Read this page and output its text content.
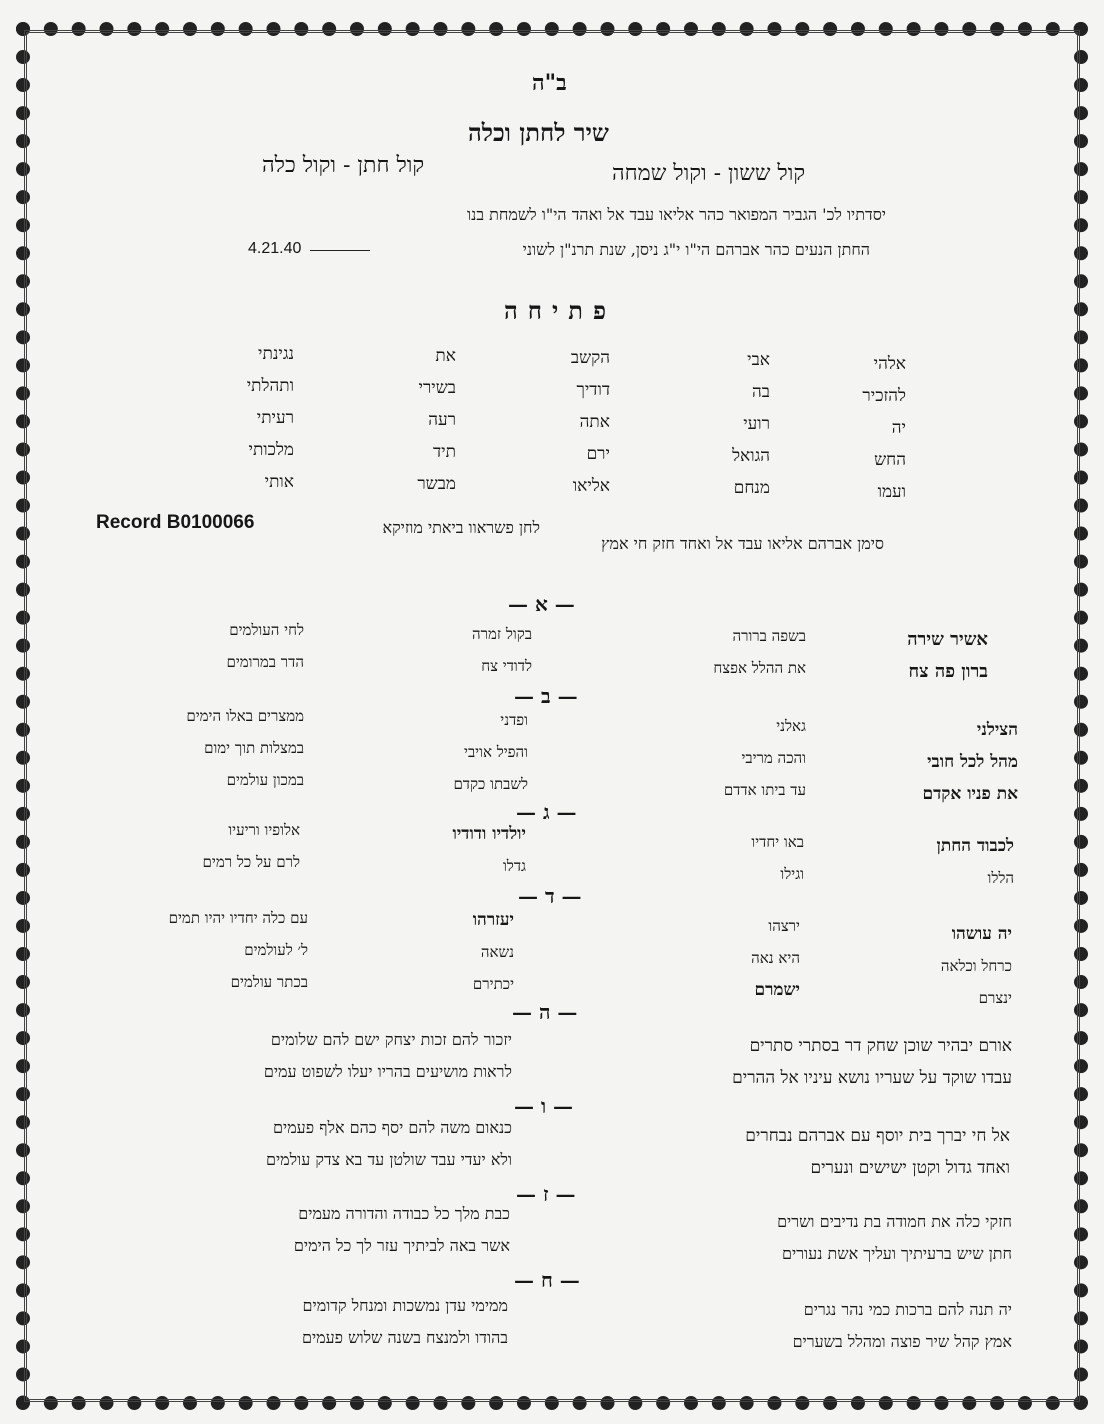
ב"ה
שיר לחתן וכלה
קול ששון - וקול שמחה
קול חתן - וקול כלה
יסדתיו לכ' הגביר המפואר כהר אליאו עבד אל ואהד הי"ו לשמחת בנו
החתן הנעים כהר אברהם הי"ו י"ג ניסן, שנת תרנ"ן לשוני
4.21.40
פתיחה
אלהי
להזכיר
יה
החש
ועמו
אבי
בה
רועי
הגואל
מנחם
הקשב
דודיך
אתה
ירם
אליאו
את
בשירי
רעה
תיד
מבשר
נגינתי
ותהלתי
רעיתי
מלכותי
אותי
סימן אברהם אליאו עבד אל ואחד חזק חי אמץ
לחן פשראוו ביאתי מוזיקא
Record B0100066
— א —
אשיר שירה
ברון פה צח
בשפה ברורה
את ההלל אפצח
בקול זמרה
לדודי צח
לחי העולמים
הדר במרומים
— ב —
הצילני
מהל לכל חובי
את פניו אקדם
גאלני
והכה מריבי
עד ביתו אדדם
ופדני
והפיל אויבי
לשבתו כקדם
ממצרים באלו הימים
במצלות תוך ימום
במכון עולמים
— ג —
לכבוד החתן
הללו
באו יחדיו
וגילו
יולדיו ודודיו
גדלו
אלופיו וריעיו
לרם על כל רמים
— ד —
יה עושהו
כרחל וכלאה
ינצרם
ירצהו
היא נאה
ישמרם
יעזרהו
נשאה
יכתירם
עם כלה יחדיו יהיו תמים
ל׳ לעולמים
בכתר עולמים
— ה —
אורם יבהיר שוכן שחק דר בסתרי סתרים
עבדו שוקד על שעריו נושא עיניו אל ההרים
יזכור להם זכות יצחק ישם להם שלומים
לראות מושיעים בהריו יעלו לשפוט עמים
— ו —
אל חי יברך בית יוסף עם אברהם נבחרים
ואחד גדול וקטן ישישים ונערים
כנאום משה להם יסף כהם אלף פעמים
ולא יעדי עבד שולטן עד בא צדק עולמים
— ז —
חזקי כלה את חמודה בת נדיבים ושרים
חתן שיש ברעיתיך ועליך אשת נעורים
כבת מלך כל כבודה והדורה מעמים
אשר באה לביתיך עזר לך כל הימים
— ח —
יה תנה להם ברכות כמי נהר נגרים
אמץ קהל שיר פוצה ומהלל בשערים
ממימי עדן נמשכות ומנחל קדומים
בהודו ולמנצח בשנה שלוש פעמים
